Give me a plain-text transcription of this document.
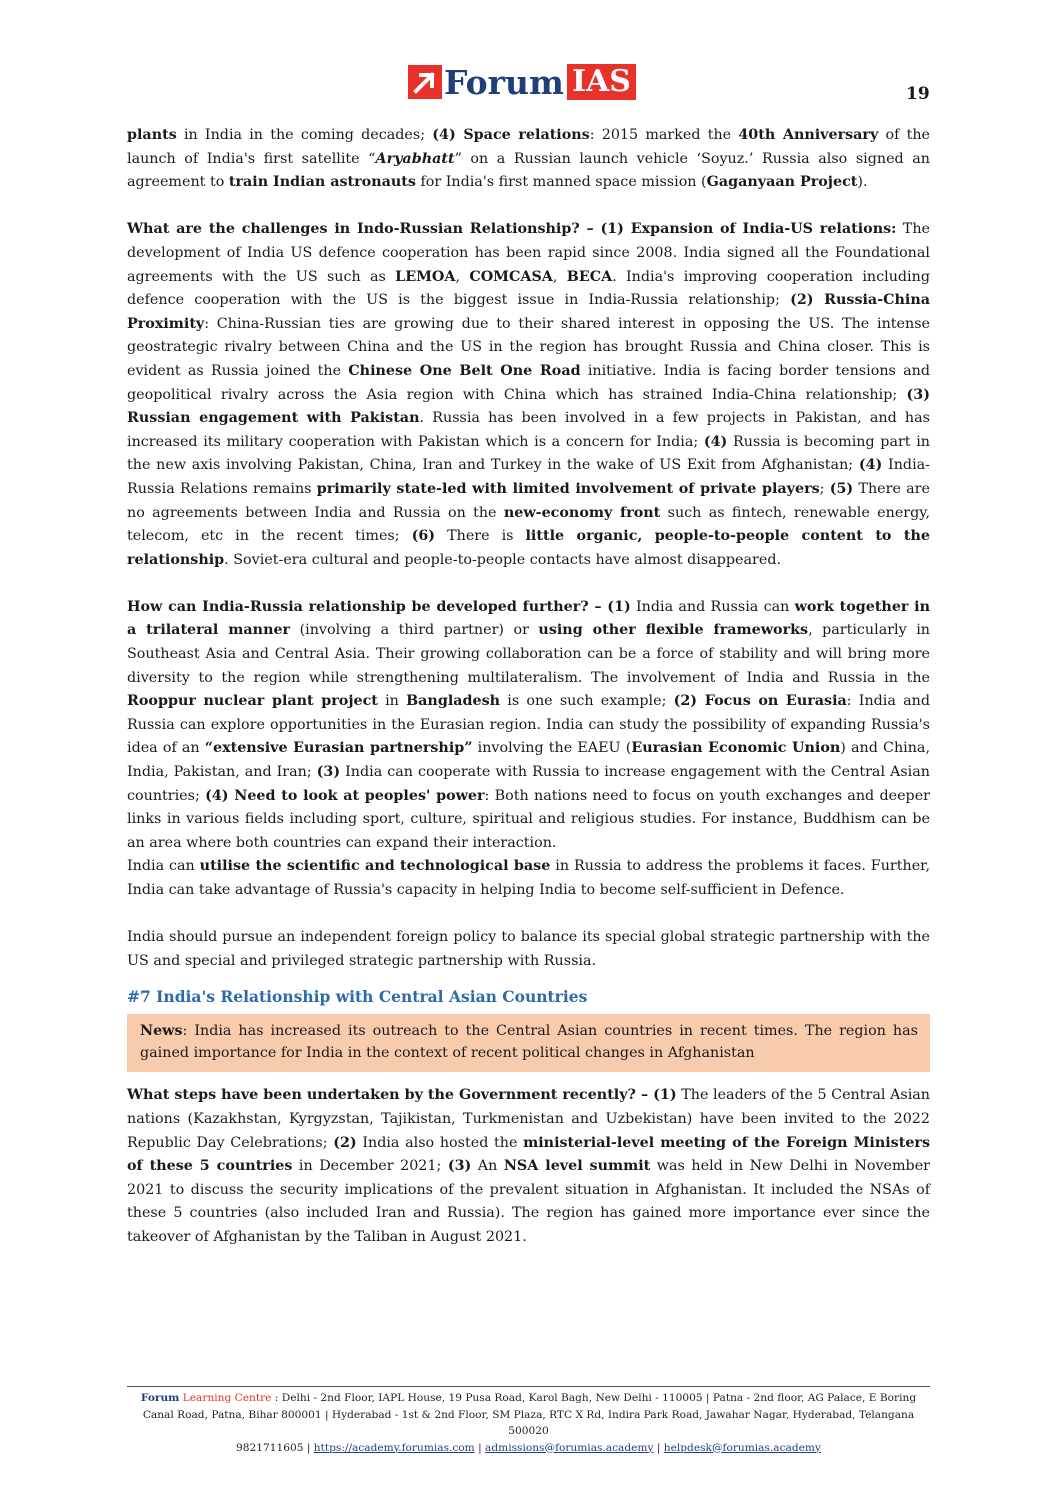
Forum IAS	19

plants in India in the coming decades; (4) Space relations: 2015 marked the 40th Anniversary of the launch of India's first satellite “Aryabhatt” on a Russian launch vehicle ‘Soyuz.’ Russia also signed an agreement to train Indian astronauts for India's first manned space mission (Gaganyaan Project).

What are the challenges in Indo-Russian Relationship? – (1) Expansion of India-US relations: The development of India US defence cooperation has been rapid since 2008. India signed all the Foundational agreements with the US such as LEMOA, COMCASA, BECA. India's improving cooperation including defence cooperation with the US is the biggest issue in India-Russia relationship; (2) Russia-China Proximity: China-Russian ties are growing due to their shared interest in opposing the US. The intense geostrategic rivalry between China and the US in the region has brought Russia and China closer. This is evident as Russia joined the Chinese One Belt One Road initiative. India is facing border tensions and geopolitical rivalry across the Asia region with China which has strained India-China relationship; (3) Russian engagement with Pakistan. Russia has been involved in a few projects in Pakistan, and has increased its military cooperation with Pakistan which is a concern for India; (4) Russia is becoming part in the new axis involving Pakistan, China, Iran and Turkey in the wake of US Exit from Afghanistan; (4) India-Russia Relations remains primarily state-led with limited involvement of private players; (5) There are no agreements between India and Russia on the new-economy front such as fintech, renewable energy, telecom, etc in the recent times; (6) There is little organic, people-to-people content to the relationship. Soviet-era cultural and people-to-people contacts have almost disappeared.

How can India-Russia relationship be developed further? – (1) India and Russia can work together in a trilateral manner (involving a third partner) or using other flexible frameworks, particularly in Southeast Asia and Central Asia. Their growing collaboration can be a force of stability and will bring more diversity to the region while strengthening multilateralism. The involvement of India and Russia in the Rooppur nuclear plant project in Bangladesh is one such example; (2) Focus on Eurasia: India and Russia can explore opportunities in the Eurasian region. India can study the possibility of expanding Russia's idea of an “extensive Eurasian partnership” involving the EAEU (Eurasian Economic Union) and China, India, Pakistan, and Iran; (3) India can cooperate with Russia to increase engagement with the Central Asian countries; (4) Need to look at peoples' power: Both nations need to focus on youth exchanges and deeper links in various fields including sport, culture, spiritual and religious studies. For instance, Buddhism can be an area where both countries can expand their interaction.

India can utilise the scientific and technological base in Russia to address the problems it faces. Further, India can take advantage of Russia's capacity in helping India to become self-sufficient in Defence.

India should pursue an independent foreign policy to balance its special global strategic partnership with the US and special and privileged strategic partnership with Russia.

#7 India's Relationship with Central Asian Countries
News: India has increased its outreach to the Central Asian countries in recent times. The region has gained importance for India in the context of recent political changes in Afghanistan

What steps have been undertaken by the Government recently? – (1) The leaders of the 5 Central Asian nations (Kazakhstan, Kyrgyzstan, Tajikistan, Turkmenistan and Uzbekistan) have been invited to the 2022 Republic Day Celebrations; (2) India also hosted the ministerial-level meeting of the Foreign Ministers of these 5 countries in December 2021; (3) An NSA level summit was held in New Delhi in November 2021 to discuss the security implications of the prevalent situation in Afghanistan. It included the NSAs of these 5 countries (also included Iran and Russia). The region has gained more importance ever since the takeover of Afghanistan by the Taliban in August 2021.

Forum Learning Centre : Delhi - 2nd Floor, IAPL House, 19 Pusa Road, Karol Bagh, New Delhi - 110005 | Patna - 2nd floor, AG Palace, E Boring Canal Road, Patna, Bihar 800001 | Hyderabad - 1st & 2nd Floor, SM Plaza, RTC X Rd, Indira Park Road, Jawahar Nagar, Hyderabad, Telangana 500020
9821711605 | https://academy.forumias.com | admissions@forumias.academy | helpdesk@forumias.academy
